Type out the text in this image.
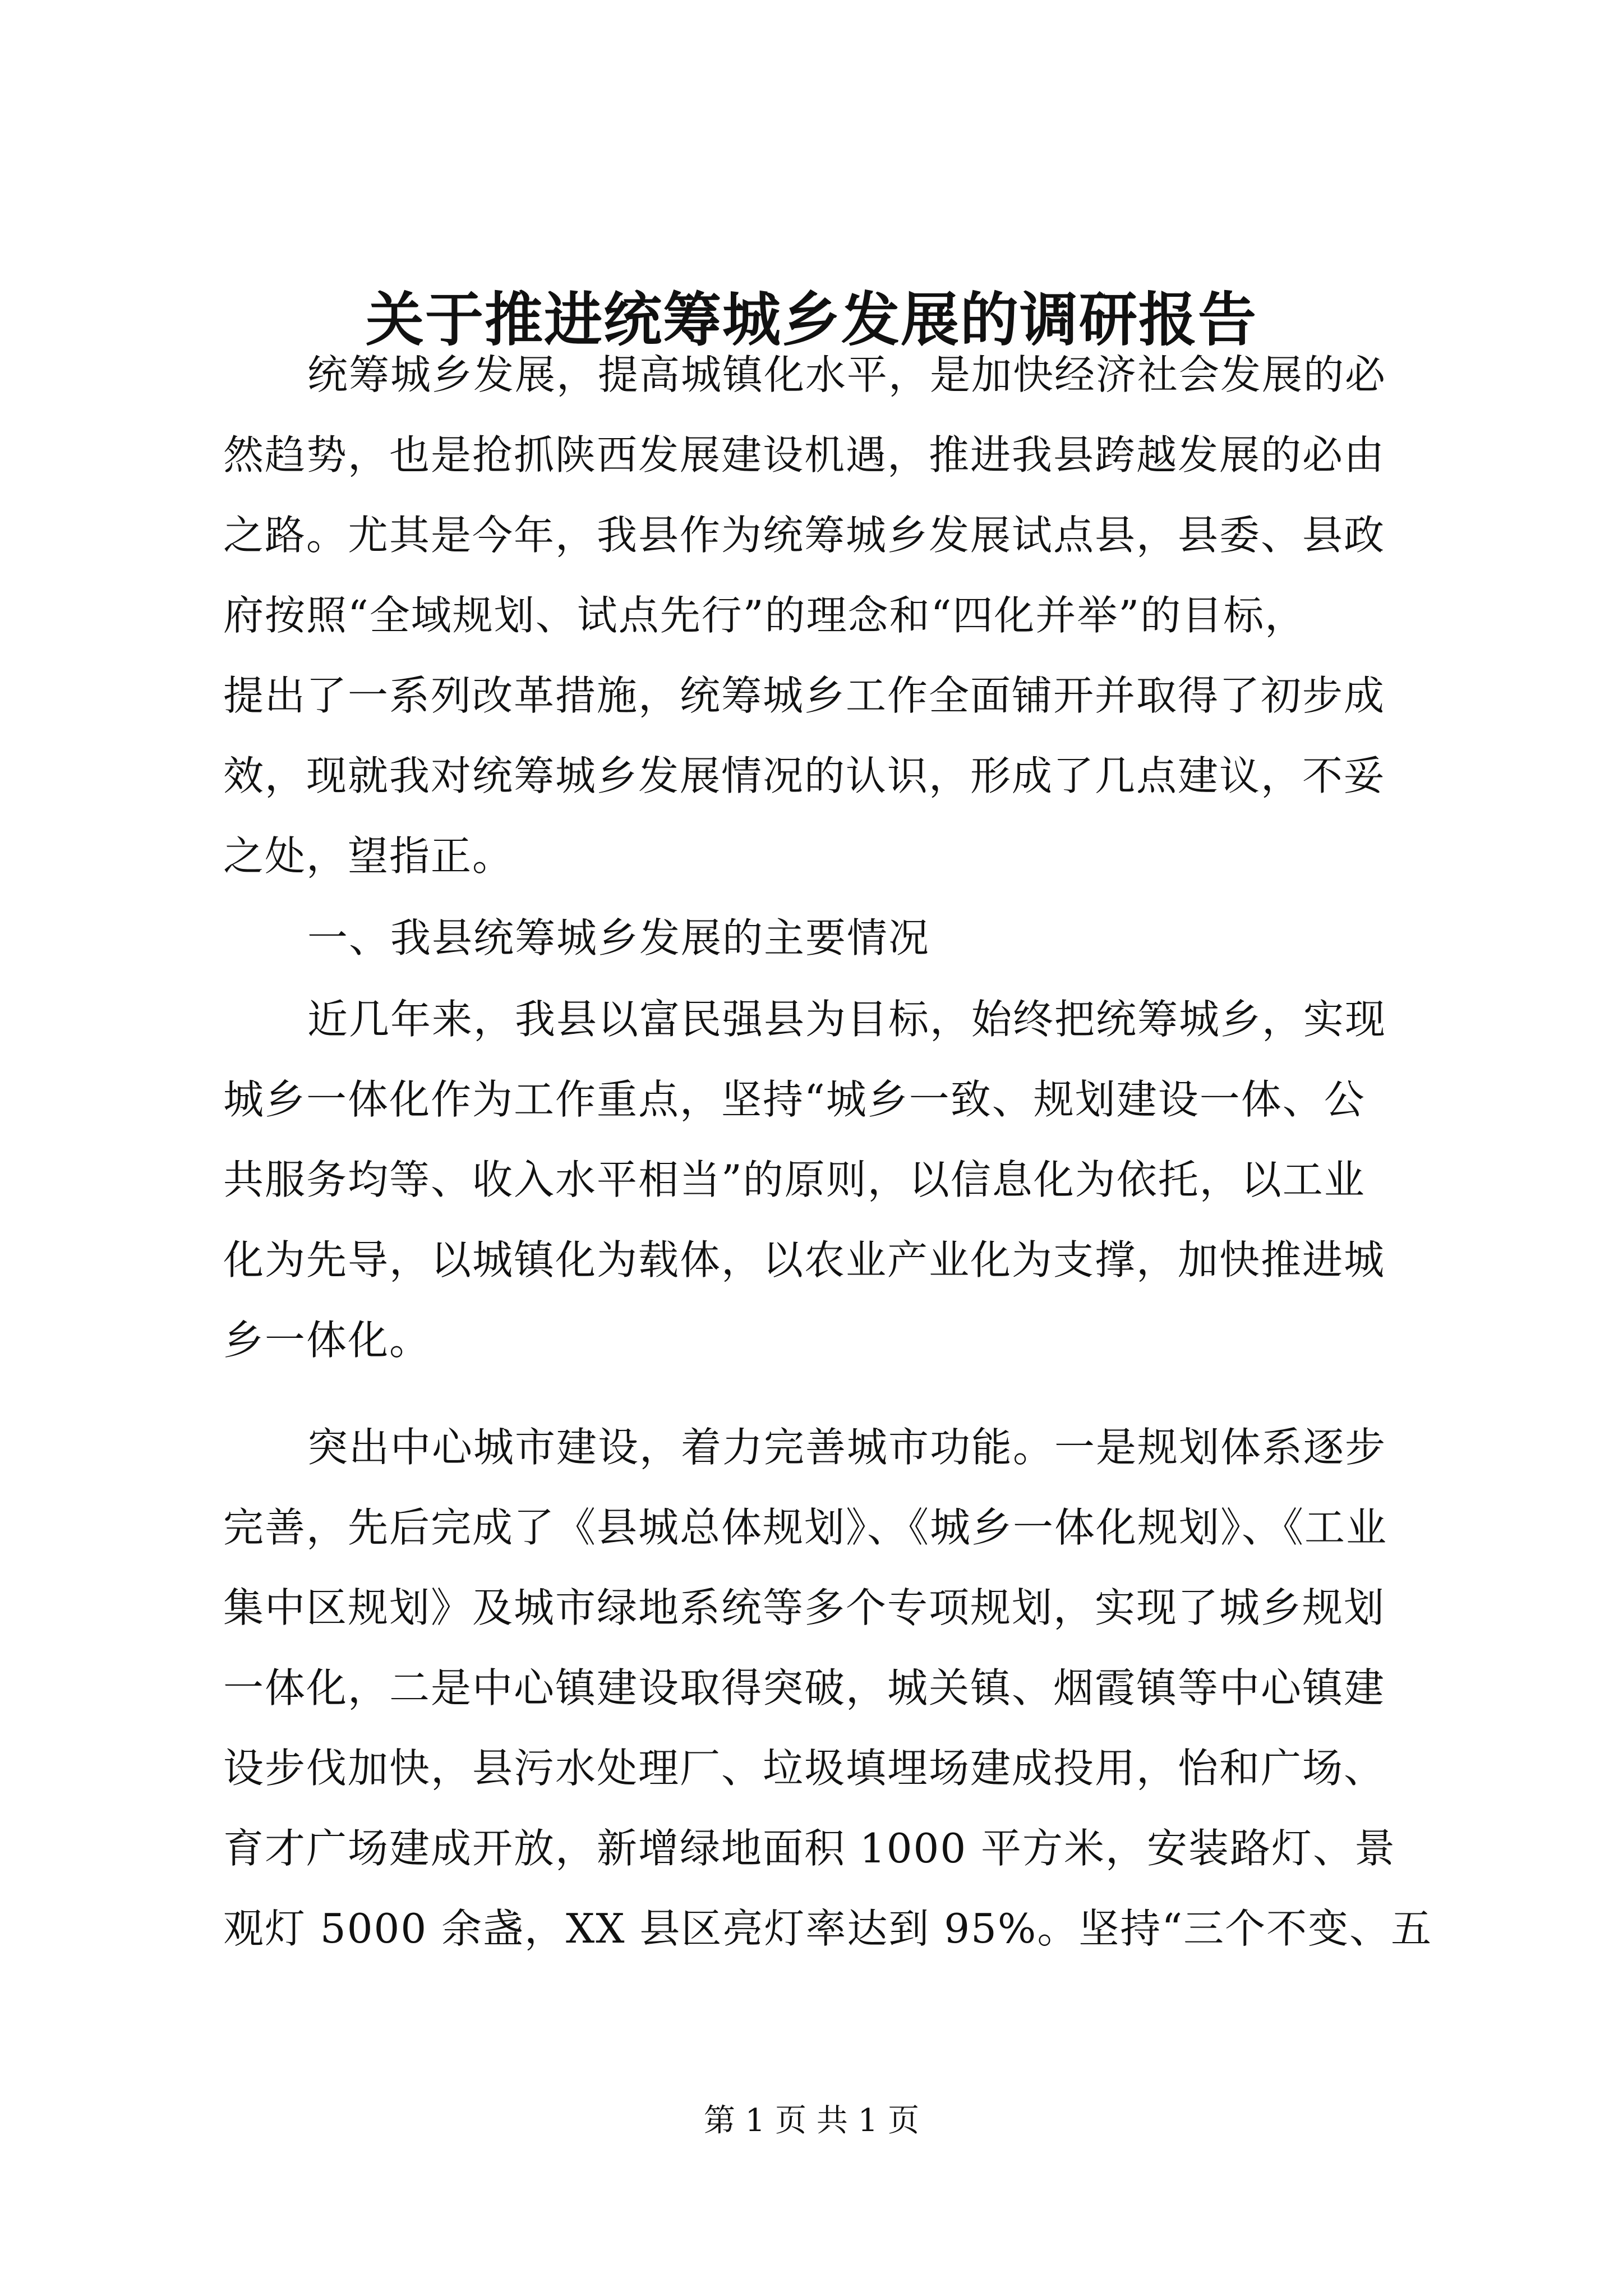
关于推进统筹城乡发展的调研报告
统筹城乡发展，提高城镇化水平，是加快经济社会发展的必
然趋势，也是抢抓陕西发展建设机遇，推进我县跨越发展的必由
之路。尤其是今年，我县作为统筹城乡发展试点县，县委、县政
府按照“全域规划、试点先行”的理念和“四化并举”的目标，
提出了一系列改革措施，统筹城乡工作全面铺开并取得了初步成
效，现就我对统筹城乡发展情况的认识，形成了几点建议，不妥
之处，望指正。
一、我县统筹城乡发展的主要情况
近几年来，我县以富民强县为目标，始终把统筹城乡，实现
城乡一体化作为工作重点，坚持“城乡一致、规划建设一体、公
共服务均等、收入水平相当”的原则，以信息化为依托，以工业
化为先导，以城镇化为载体，以农业产业化为支撑，加快推进城
乡一体化。
突出中心城市建设，着力完善城市功能。一是规划体系逐步
完善，先后完成了《县城总体规划》、《城乡一体化规划》、《工业
集中区规划》及城市绿地系统等多个专项规划，实现了城乡规划
一体化，二是中心镇建设取得突破，城关镇、烟霞镇等中心镇建
设步伐加快，县污水处理厂、垃圾填埋场建成投用，怡和广场、
育才广场建成开放，新增绿地面积 1000 平方米，安装路灯、景
观灯 5000 余盏，XX 县区亮灯率达到 95%。坚持“三个不变、五
第 1 页 共 1 页
